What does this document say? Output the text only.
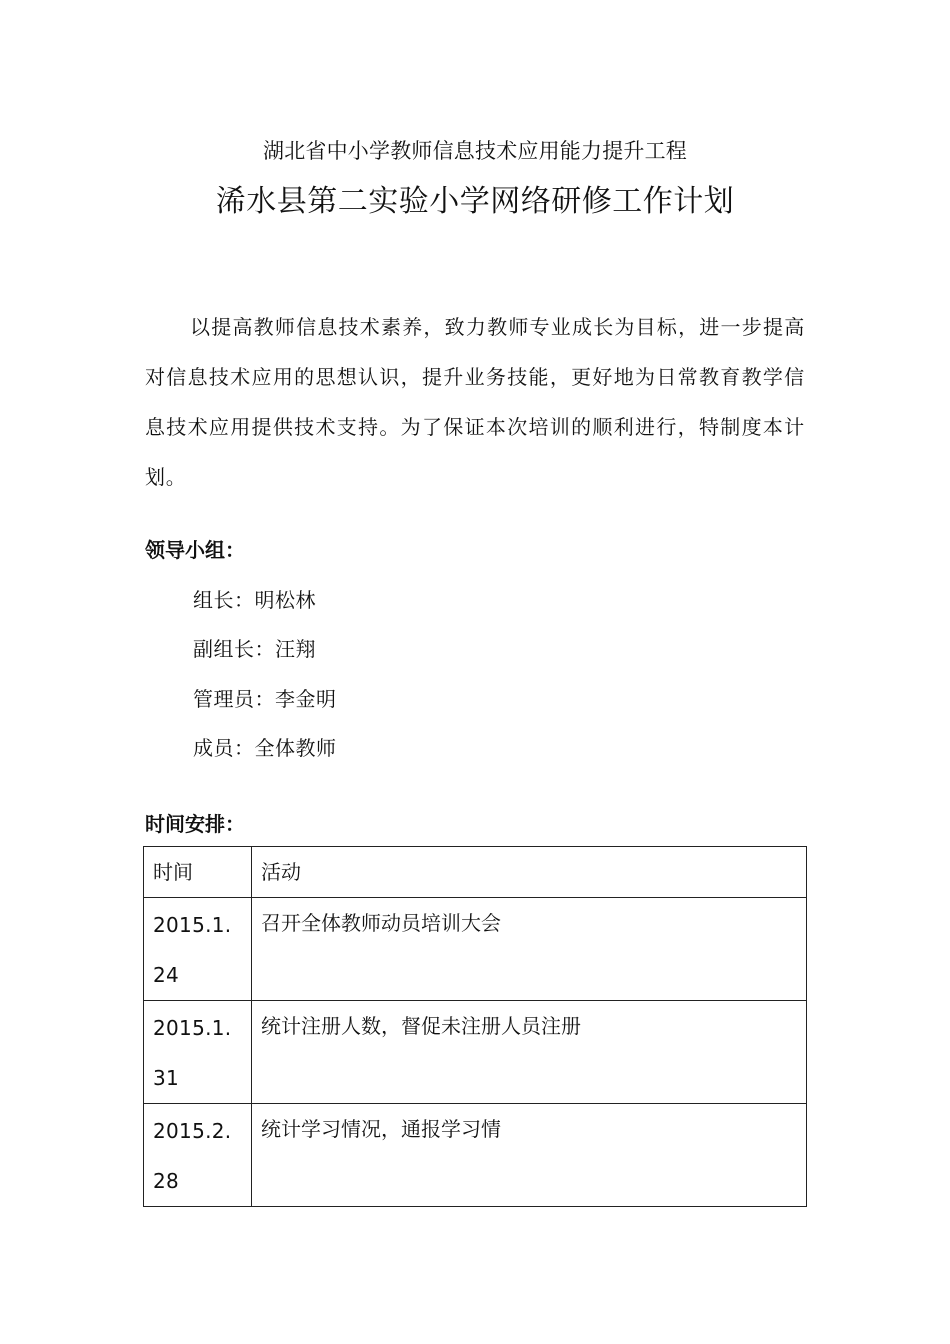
湖北省中小学教师信息技术应用能力提升工程
浠水县第二实验小学网络研修工作计划
以提高教师信息技术素养，致力教师专业成长为目标，进一步提高对信息技术应用的思想认识，提升业务技能，更好地为日常教育教学信息技术应用提供技术支持。为了保证本次培训的顺利进行，特制度本计划。
领导小组：
组长：明松林
副组长：汪翔
管理员：李金明
成员：全体教师
时间安排：
时间	活动
2015.1.24	召开全体教师动员培训大会
2015.1.31	统计注册人数，督促未注册人员注册
2015.2.28	统计学习情况，通报学习情
